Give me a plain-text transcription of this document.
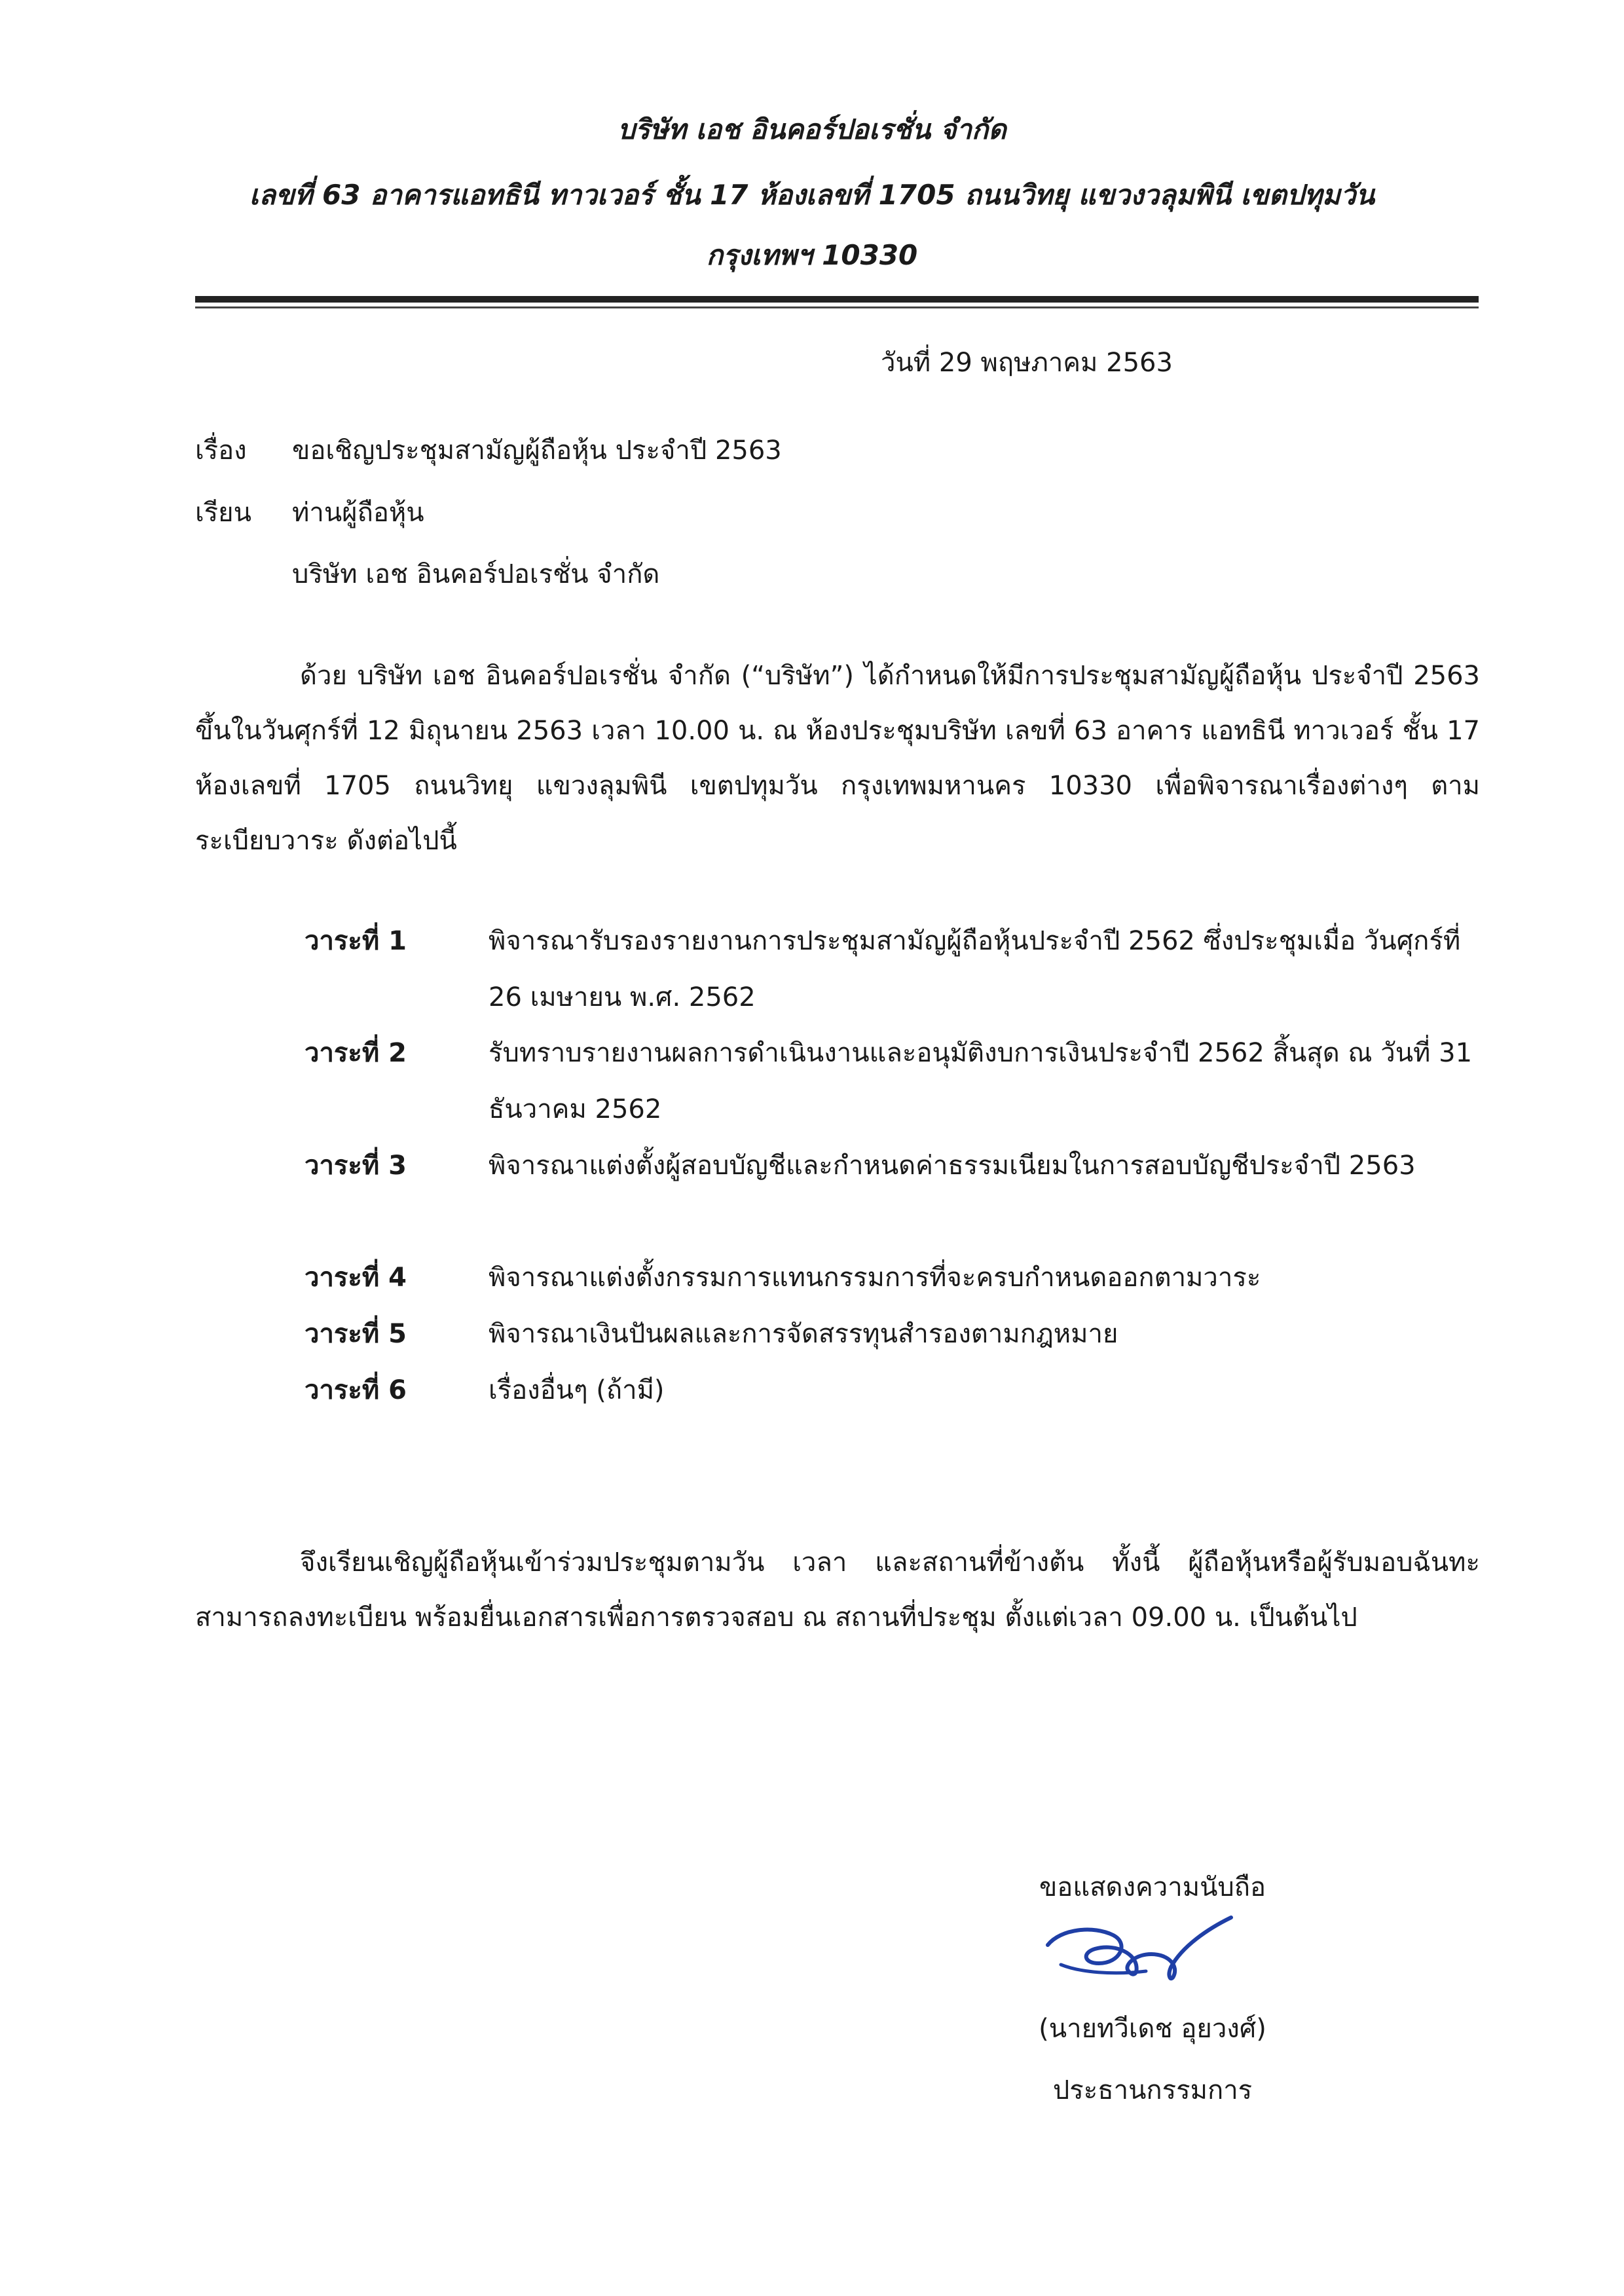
บริษัท เอช อินคอร์ปอเรชั่น จำกัด
เลขที่ 63 อาคารแอทธินี ทาวเวอร์ ชั้น 17 ห้องเลขที่ 1705 ถนนวิทยุ แขวงวลุมพินี เขตปทุมวัน
กรุงเทพฯ 10330
วันที่ 29 พฤษภาคม 2563
เรื่อง ขอเชิญประชุมสามัญผู้ถือหุ้น ประจำปี 2563
เรียน ท่านผู้ถือหุ้น
บริษัท เอช อินคอร์ปอเรชั่น จำกัด
ด้วย บริษัท เอช อินคอร์ปอเรชั่น จำกัด (“บริษัท”) ได้กำหนดให้มีการประชุมสามัญผู้ถือหุ้น ประจำปี 2563 ขึ้นในวันศุกร์ที่ 12 มิถุนายน 2563 เวลา 10.00 น. ณ ห้องประชุมบริษัท เลขที่ 63 อาคาร แอทธินี ทาวเวอร์ ชั้น 17 ห้องเลขที่ 1705 ถนนวิทยุ แขวงลุมพินี เขตปทุมวัน กรุงเทพมหานคร 10330 เพื่อพิจารณาเรื่องต่างๆ ตามระเบียบวาระ ดังต่อไปนี้
วาระที่ 1	พิจารณารับรองรายงานการประชุมสามัญผู้ถือหุ้นประจำปี 2562 ซึ่งประชุมเมื่อ วันศุกร์ที่ 26 เมษายน พ.ศ. 2562
วาระที่ 2	รับทราบรายงานผลการดำเนินงานและอนุมัติงบการเงินประจำปี 2562 สิ้นสุด ณ วันที่ 31 ธันวาคม 2562
วาระที่ 3	พิจารณาแต่งตั้งผู้สอบบัญชีและกำหนดค่าธรรมเนียมในการสอบบัญชีประจำปี 2563
วาระที่ 4	พิจารณาแต่งตั้งกรรมการแทนกรรมการที่จะครบกำหนดออกตามวาระ
วาระที่ 5	พิจารณาเงินปันผลและการจัดสรรทุนสำรองตามกฎหมาย
วาระที่ 6	เรื่องอื่นๆ (ถ้ามี)
จึงเรียนเชิญผู้ถือหุ้นเข้าร่วมประชุมตามวัน เวลา และสถานที่ข้างต้น ทั้งนี้ ผู้ถือหุ้นหรือผู้รับมอบฉันทะสามารถลงทะเบียน พร้อมยื่นเอกสารเพื่อการตรวจสอบ ณ สถานที่ประชุม ตั้งแต่เวลา 09.00 น. เป็นต้นไป
ขอแสดงความนับถือ
(นายทวีเดช อุยวงศ์)
ประธานกรรมการ
